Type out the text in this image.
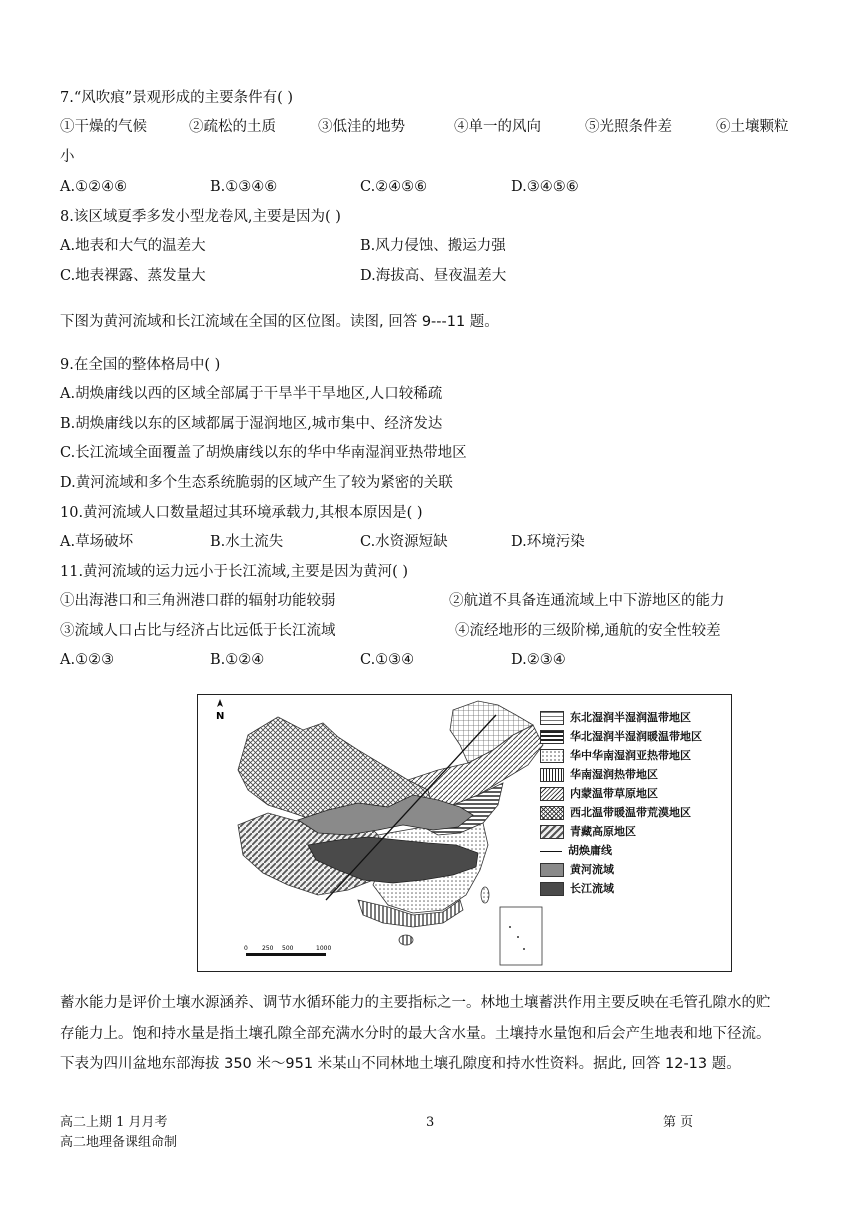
7.“风吹痕”景观形成的主要条件有( )
①干燥的气候	②疏松的土质	③低洼的地势	④单一的风向	⑤光照条件差	⑥土壤颗粒
小
A.①②④⑥	B.①③④⑥	C.②④⑤⑥	D.③④⑤⑥
8.该区域夏季多发小型龙卷风,主要是因为( )
A.地表和大气的温差大	B.风力侵蚀、搬运力强
C.地表裸露、蒸发量大	D.海拔高、昼夜温差大
下图为黄河流域和长江流域在全国的区位图。读图, 回答 9---11 题。
9.在全国的整体格局中( )
A.胡焕庸线以西的区域全部属于干旱半干旱地区,人口较稀疏
B.胡焕庸线以东的区域都属于湿润地区,城市集中、经济发达
C.长江流域全面覆盖了胡焕庸线以东的华中华南湿润亚热带地区
D.黄河流域和多个生态系统脆弱的区域产生了较为紧密的关联
10.黄河流域人口数量超过其环境承载力,其根本原因是( )
A.草场破坏	B.水土流失	C.水资源短缺	D.环境污染
11.黄河流域的运力远小于长江流域,主要是因为黄河( )
①出海港口和三角洲港口群的辐射功能较弱	②航道不具备连通流域上中下游地区的能力
③流域人口占比与经济占比远低于长江流域	④流经地形的三级阶梯,通航的安全性较差
A.①②③	B.①②④	C.①③④	D.②③④
N
0 250 500	1000
东北湿润半湿润温带地区
华北湿润半湿润暖温带地区
华中华南湿润亚热带地区
华南湿润热带地区
内蒙温带草原地区
西北温带暖温带荒漠地区
青藏高原地区
胡焕庸线
黄河流域
长江流域
蓄水能力是评价土壤水源涵养、调节水循环能力的主要指标之一。林地土壤蓄洪作用主要反映在毛管孔隙水的贮
存能力上。饱和持水量是指土壤孔隙全部充满水分时的最大含水量。土壤持水量饱和后会产生地表和地下径流。
下表为四川盆地东部海拔 350 米～951 米某山不同林地土壤孔隙度和持水性资料。据此, 回答 12-13 题。
高二上期 1 月月考	3	第 页
高二地理备课组命制
